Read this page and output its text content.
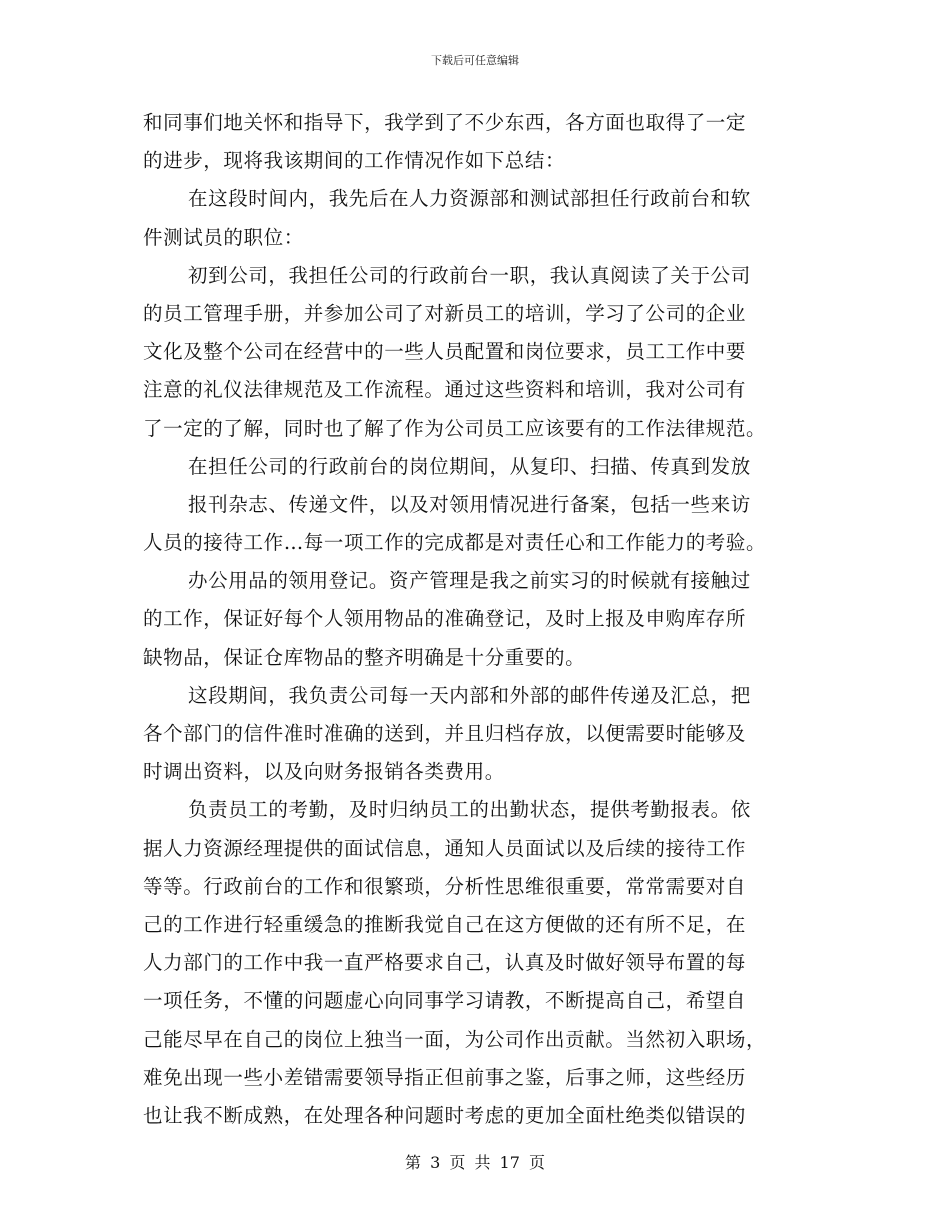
下载后可任意编辑
和同事们地关怀和指导下，我学到了不少东西，各方面也取得了一定
的进步，现将我该期间的工作情况作如下总结：
在这段时间内，我先后在人力资源部和测试部担任行政前台和软
件测试员的职位：
初到公司，我担任公司的行政前台一职，我认真阅读了关于公司
的员工管理手册，并参加公司了对新员工的培训，学习了公司的企业
文化及整个公司在经营中的一些人员配置和岗位要求，员工工作中要
注意的礼仪法律规范及工作流程。通过这些资料和培训，我对公司有
了一定的了解，同时也了解了作为公司员工应该要有的工作法律规范。
在担任公司的行政前台的岗位期间，从复印、扫描、传真到发放
报刊杂志、传递文件，以及对领用情况进行备案，包括一些来访
人员的接待工作…每一项工作的完成都是对责任心和工作能力的考验。
办公用品的领用登记。资产管理是我之前实习的时候就有接触过
的工作，保证好每个人领用物品的准确登记，及时上报及申购库存所
缺物品，保证仓库物品的整齐明确是十分重要的。
这段期间，我负责公司每一天内部和外部的邮件传递及汇总，把
各个部门的信件准时准确的送到，并且归档存放，以便需要时能够及
时调出资料，以及向财务报销各类费用。
负责员工的考勤，及时归纳员工的出勤状态，提供考勤报表。依
据人力资源经理提供的面试信息，通知人员面试以及后续的接待工作
等等。行政前台的工作和很繁琐，分析性思维很重要，常常需要对自
己的工作进行轻重缓急的推断我觉自己在这方便做的还有所不足，在
人力部门的工作中我一直严格要求自己，认真及时做好领导布置的每
一项任务，不懂的问题虚心向同事学习请教，不断提高自己，希望自
己能尽早在自己的岗位上独当一面，为公司作出贡献。当然初入职场，
难免出现一些小差错需要领导指正但前事之鉴，后事之师，这些经历
也让我不断成熟，在处理各种问题时考虑的更加全面杜绝类似错误的
第 3 页 共 17 页
